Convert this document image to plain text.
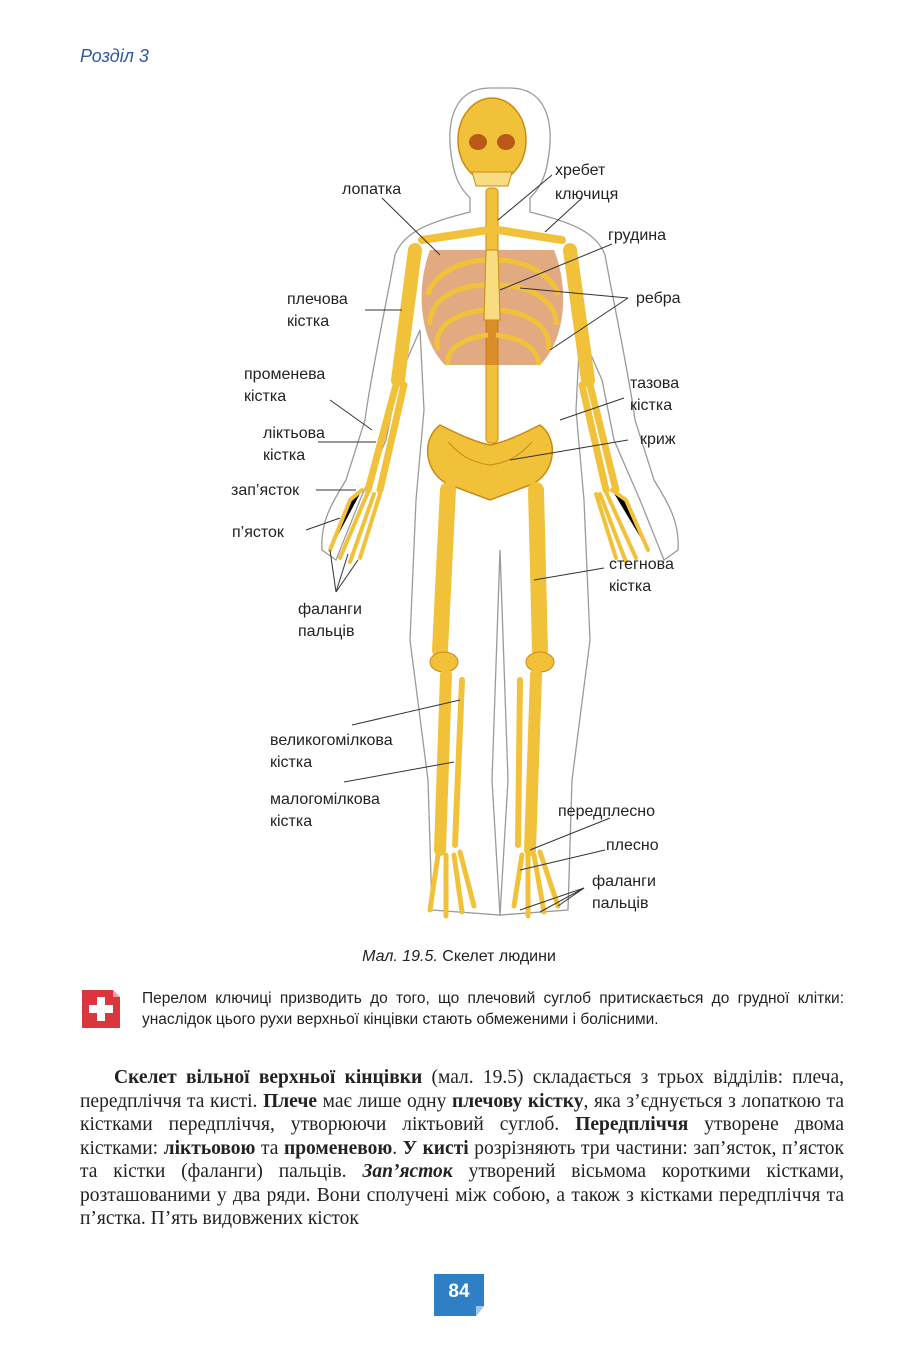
Розділ 3
хребет
лопатка	ключиця
грудина
плечова
кістка
ребра
променева
кістка
тазова
кістка
ліктьова
кістка
криж
зап’ясток
п’ясток
стегнова
кістка
фаланги
пальців
великогомілкова
кістка
малогомілкова
кістка
передплесно
плесно
фаланги
пальців
Мал. 19.5. Скелет людини
Перелом ключиці призводить до того, що плечовий суглоб притискається до грудної клітки: унаслідок цього рухи верхньої кінцівки стають обмеженими і болісними.

Скелет вільної верхньої кінцівки (мал. 19.5) складається з трьох відділів: плеча, передпліччя та кисті. Плече має лише одну плечову кістку, яка з’єднується з лопаткою та кістками передпліччя, утворюючи ліктьовий суглоб. Передпліччя утворене двома кістками: ліктьовою та променевою. У кисті розрізняють три частини: зап’ясток, п’ясток та кістки (фаланги) пальців. Зап’ясток утворений вісьмома короткими кістками, розташованими у два ряди. Вони сполучені між собою, а також з кістками передпліччя та п’ястка. П’ять видовжених кісток

84
